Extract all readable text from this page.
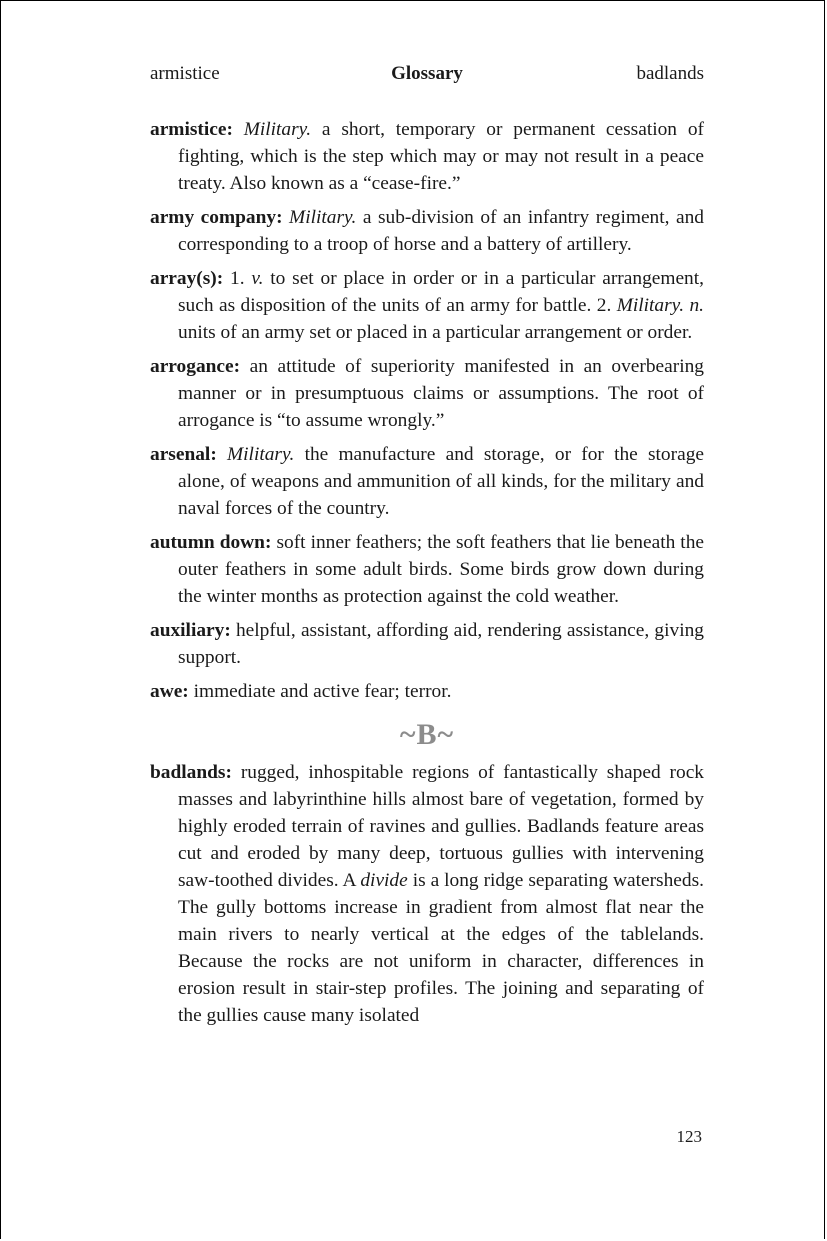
armistice	Glossary	badlands

armistice: Military. a short, temporary or permanent cessation of fighting, which is the step which may or may not result in a peace treaty. Also known as a “cease-fire.”

army company: Military. a sub-division of an infantry regiment, and corresponding to a troop of horse and a battery of artillery.

array(s): 1. v. to set or place in order or in a particular arrangement, such as disposition of the units of an army for battle. 2. Military. n. units of an army set or placed in a particular arrangement or order.

arrogance: an attitude of superiority manifested in an overbearing manner or in presumptuous claims or assumptions. The root of arrogance is “to assume wrongly.”

arsenal: Military. the manufacture and storage, or for the storage alone, of weapons and ammunition of all kinds, for the military and naval forces of the country.

autumn down: soft inner feathers; the soft feathers that lie beneath the outer feathers in some adult birds. Some birds grow down during the winter months as protection against the cold weather.

auxiliary: helpful, assistant, affording aid, rendering assistance, giving support.

awe: immediate and active fear; terror.

~B~

badlands: rugged, inhospitable regions of fantastically shaped rock masses and labyrinthine hills almost bare of vegetation, formed by highly eroded terrain of ravines and gullies. Badlands feature areas cut and eroded by many deep, tortuous gullies with intervening saw-toothed divides. A divide is a long ridge separating watersheds. The gully bottoms increase in gradient from almost flat near the main rivers to nearly vertical at the edges of the tablelands. Because the rocks are not uniform in character, differences in erosion result in stair-step profiles. The joining and separating of the gullies cause many isolated

123
